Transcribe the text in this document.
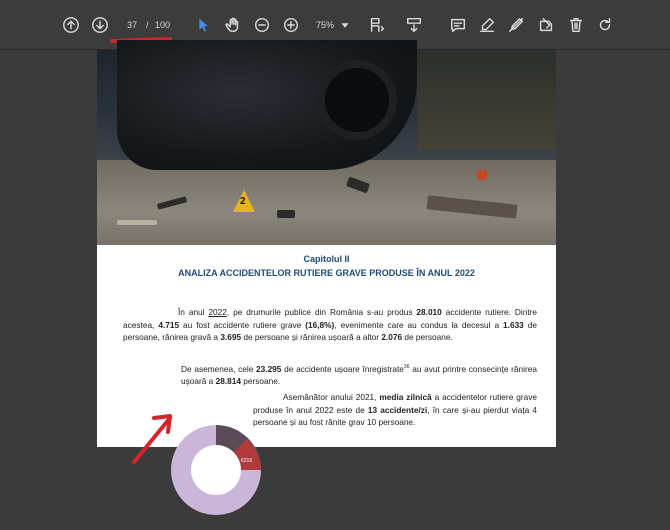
37 / 100	75%
2
Capitolul II
ANALIZA ACCIDENTELOR RUTIERE GRAVE PRODUSE ÎN ANUL 2022
În anul 2022, pe drumurile publice din România s-au produs 28.010 accidente rutiere. Dintre acestea, 4.715 au fost accidente rutiere grave (16,8%), evenimente care au condus la decesul a 1.633 de persoane, rănirea gravă a 3.695 de persoane și rănirea ușoară a altor 2.076 de persoane.
De asemenea, cele 23.295 de accidente ușoare înregistrate$^{36}$ au avut printre consecințe rănirea ușoară a 28.814 persoane.
Asemănător anului 2021, media zilnică a accidentelor rutiere grave produse în anul 2022 este de 13 accidente/zi, în care și-au pierdut viața 4 persoane și au fost rănite grav 10 persoane.
6216
